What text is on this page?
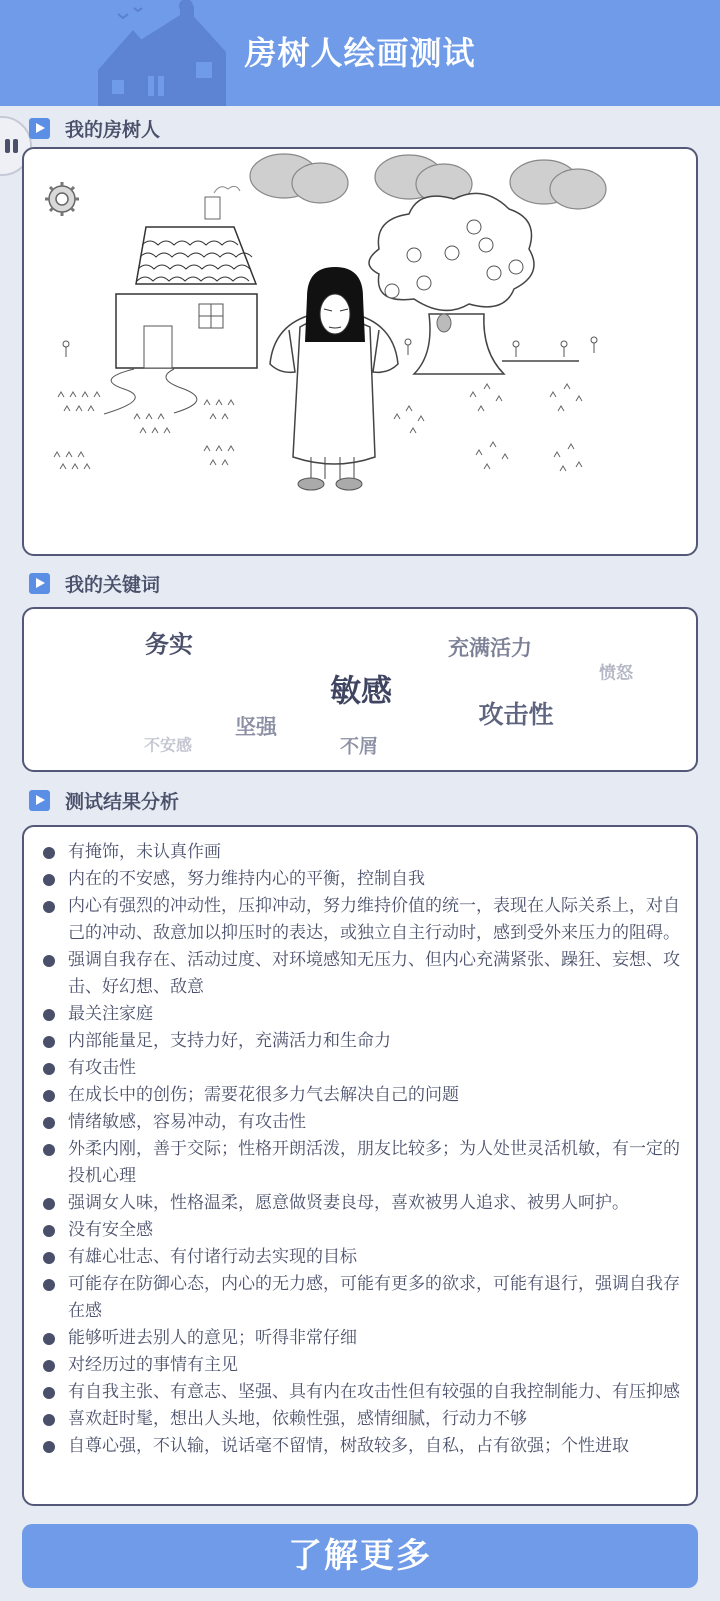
房树人绘画测试
我的房树人
我的关键词
务实	充满活力
愤怒
敏感
攻击性
坚强
不安感	不屑
测试结果分析
有掩饰，未认真作画
内在的不安感，努力维持内心的平衡，控制自我
内心有强烈的冲动性，压抑冲动，努力维持价值的统一，表现在人际关系上，对自己的冲动、敌意加以抑压时的表达，或独立自主行动时，感到受外来压力的阻碍。
强调自我存在、活动过度、对环境感知无压力、但内心充满紧张、躁狂、妄想、攻击、好幻想、敌意
最关注家庭
内部能量足，支持力好，充满活力和生命力
有攻击性
在成长中的创伤；需要花很多力气去解决自己的问题
情绪敏感，容易冲动，有攻击性
外柔内刚，善于交际；性格开朗活泼，朋友比较多；为人处世灵活机敏，有一定的投机心理
强调女人味，性格温柔，愿意做贤妻良母，喜欢被男人追求、被男人呵护。
没有安全感
有雄心壮志、有付诸行动去实现的目标
可能存在防御心态，内心的无力感，可能有更多的欲求，可能有退行，强调自我存在感
能够听进去别人的意见；听得非常仔细
对经历过的事情有主见
有自我主张、有意志、坚强、具有内在攻击性但有较强的自我控制能力、有压抑感
喜欢赶时髦，想出人头地，依赖性强，感情细腻，行动力不够
自尊心强，不认输，说话毫不留情，树敌较多，自私，占有欲强；个性进取
了解更多
